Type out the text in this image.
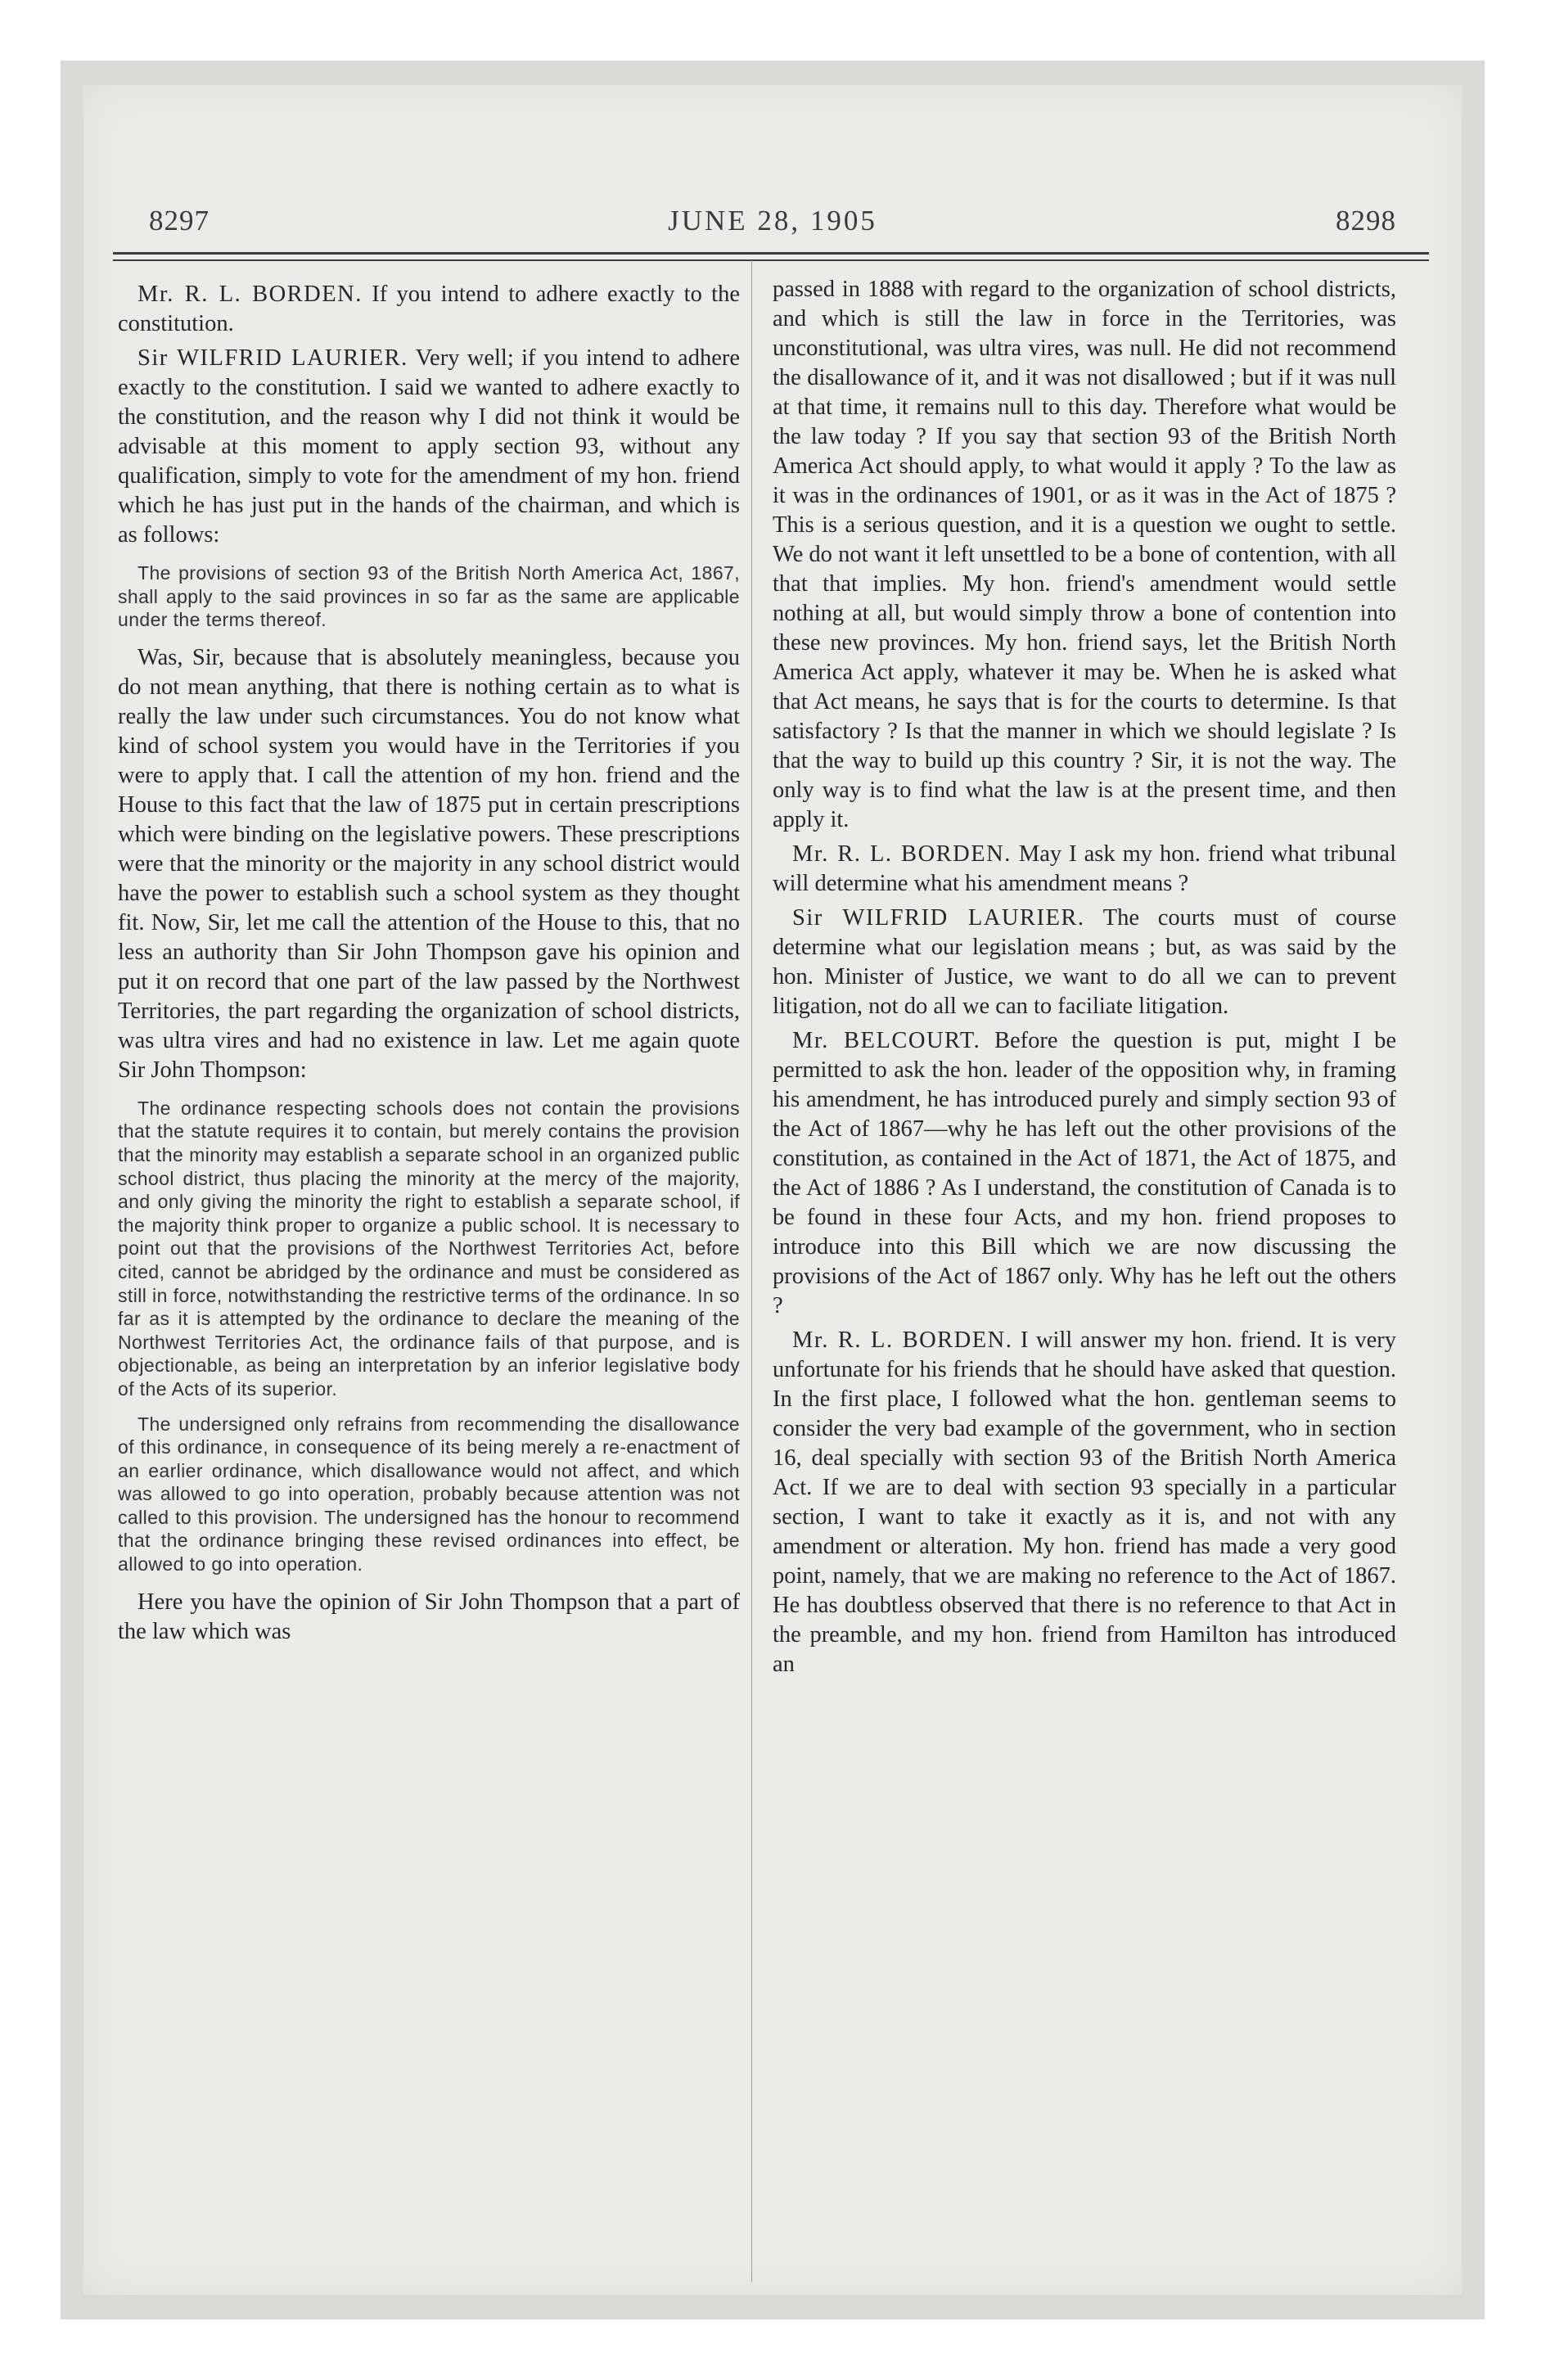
8297	JUNE 28, 1905	8298

Mr. R. L. BORDEN. If you intend to adhere exactly to the constitution.

Sir WILFRID LAURIER. Very well; if you intend to adhere exactly to the constitution. I said we wanted to adhere exactly to the constitution, and the reason why I did not think it would be advisable at this moment to apply section 93, without any qualification, simply to vote for the amendment of my hon. friend which he has just put in the hands of the chairman, and which is as follows:

The provisions of section 93 of the British North America Act, 1867, shall apply to the said provinces in so far as the same are applicable under the terms thereof.

Was, Sir, because that is absolutely meaningless, because you do not mean anything, that there is nothing certain as to what is really the law under such circumstances. You do not know what kind of school system you would have in the Territories if you were to apply that. I call the attention of my hon. friend and the House to this fact that the law of 1875 put in certain prescriptions which were binding on the legislative powers. These prescriptions were that the minority or the majority in any school district would have the power to establish such a school system as they thought fit. Now, Sir, let me call the attention of the House to this, that no less an authority than Sir John Thompson gave his opinion and put it on record that one part of the law passed by the Northwest Territories, the part regarding the organization of school districts, was ultra vires and had no existence in law. Let me again quote Sir John Thompson:

The ordinance respecting schools does not contain the provisions that the statute requires it to contain, but merely contains the provision that the minority may establish a separate school in an organized public school district, thus placing the minority at the mercy of the majority, and only giving the minority the right to establish a separate school, if the majority think proper to organize a public school. It is necessary to point out that the provisions of the Northwest Territories Act, before cited, cannot be abridged by the ordinance and must be considered as still in force, notwithstanding the restrictive terms of the ordinance. In so far as it is attempted by the ordinance to declare the meaning of the Northwest Territories Act, the ordinance fails of that purpose, and is objectionable, as being an interpretation by an inferior legislative body of the Acts of its superior.

The undersigned only refrains from recommending the disallowance of this ordinance, in consequence of its being merely a re-enactment of an earlier ordinance, which disallowance would not affect, and which was allowed to go into operation, probably because attention was not called to this provision. The undersigned has the honour to recommend that the ordinance bringing these revised ordinances into effect, be allowed to go into operation.

Here you have the opinion of Sir John Thompson that a part of the law which was

passed in 1888 with regard to the organization of school districts, and which is still the law in force in the Territories, was unconstitutional, was ultra vires, was null. He did not recommend the disallowance of it, and it was not disallowed ; but if it was null at that time, it remains null to this day. Therefore what would be the law today ? If you say that section 93 of the British North America Act should apply, to what would it apply ? To the law as it was in the ordinances of 1901, or as it was in the Act of 1875 ? This is a serious question, and it is a question we ought to settle. We do not want it left unsettled to be a bone of contention, with all that that implies. My hon. friend's amendment would settle nothing at all, but would simply throw a bone of contention into these new provinces. My hon. friend says, let the British North America Act apply, whatever it may be. When he is asked what that Act means, he says that is for the courts to determine. Is that satisfactory ? Is that the manner in which we should legislate ? Is that the way to build up this country ? Sir, it is not the way. The only way is to find what the law is at the present time, and then apply it.

Mr. R. L. BORDEN. May I ask my hon. friend what tribunal will determine what his amendment means ?

Sir WILFRID LAURIER. The courts must of course determine what our legislation means ; but, as was said by the hon. Minister of Justice, we want to do all we can to prevent litigation, not do all we can to faciliate litigation.

Mr. BELCOURT. Before the question is put, might I be permitted to ask the hon. leader of the opposition why, in framing his amendment, he has introduced purely and simply section 93 of the Act of 1867—why he has left out the other provisions of the constitution, as contained in the Act of 1871, the Act of 1875, and the Act of 1886 ? As I understand, the constitution of Canada is to be found in these four Acts, and my hon. friend proposes to introduce into this Bill which we are now discussing the provisions of the Act of 1867 only. Why has he left out the others ?

Mr. R. L. BORDEN. I will answer my hon. friend. It is very unfortunate for his friends that he should have asked that question. In the first place, I followed what the hon. gentleman seems to consider the very bad example of the government, who in section 16, deal specially with section 93 of the British North America Act. If we are to deal with section 93 specially in a particular section, I want to take it exactly as it is, and not with any amendment or alteration. My hon. friend has made a very good point, namely, that we are making no reference to the Act of 1867. He has doubtless observed that there is no reference to that Act in the preamble, and my hon. friend from Hamilton has introduced an
